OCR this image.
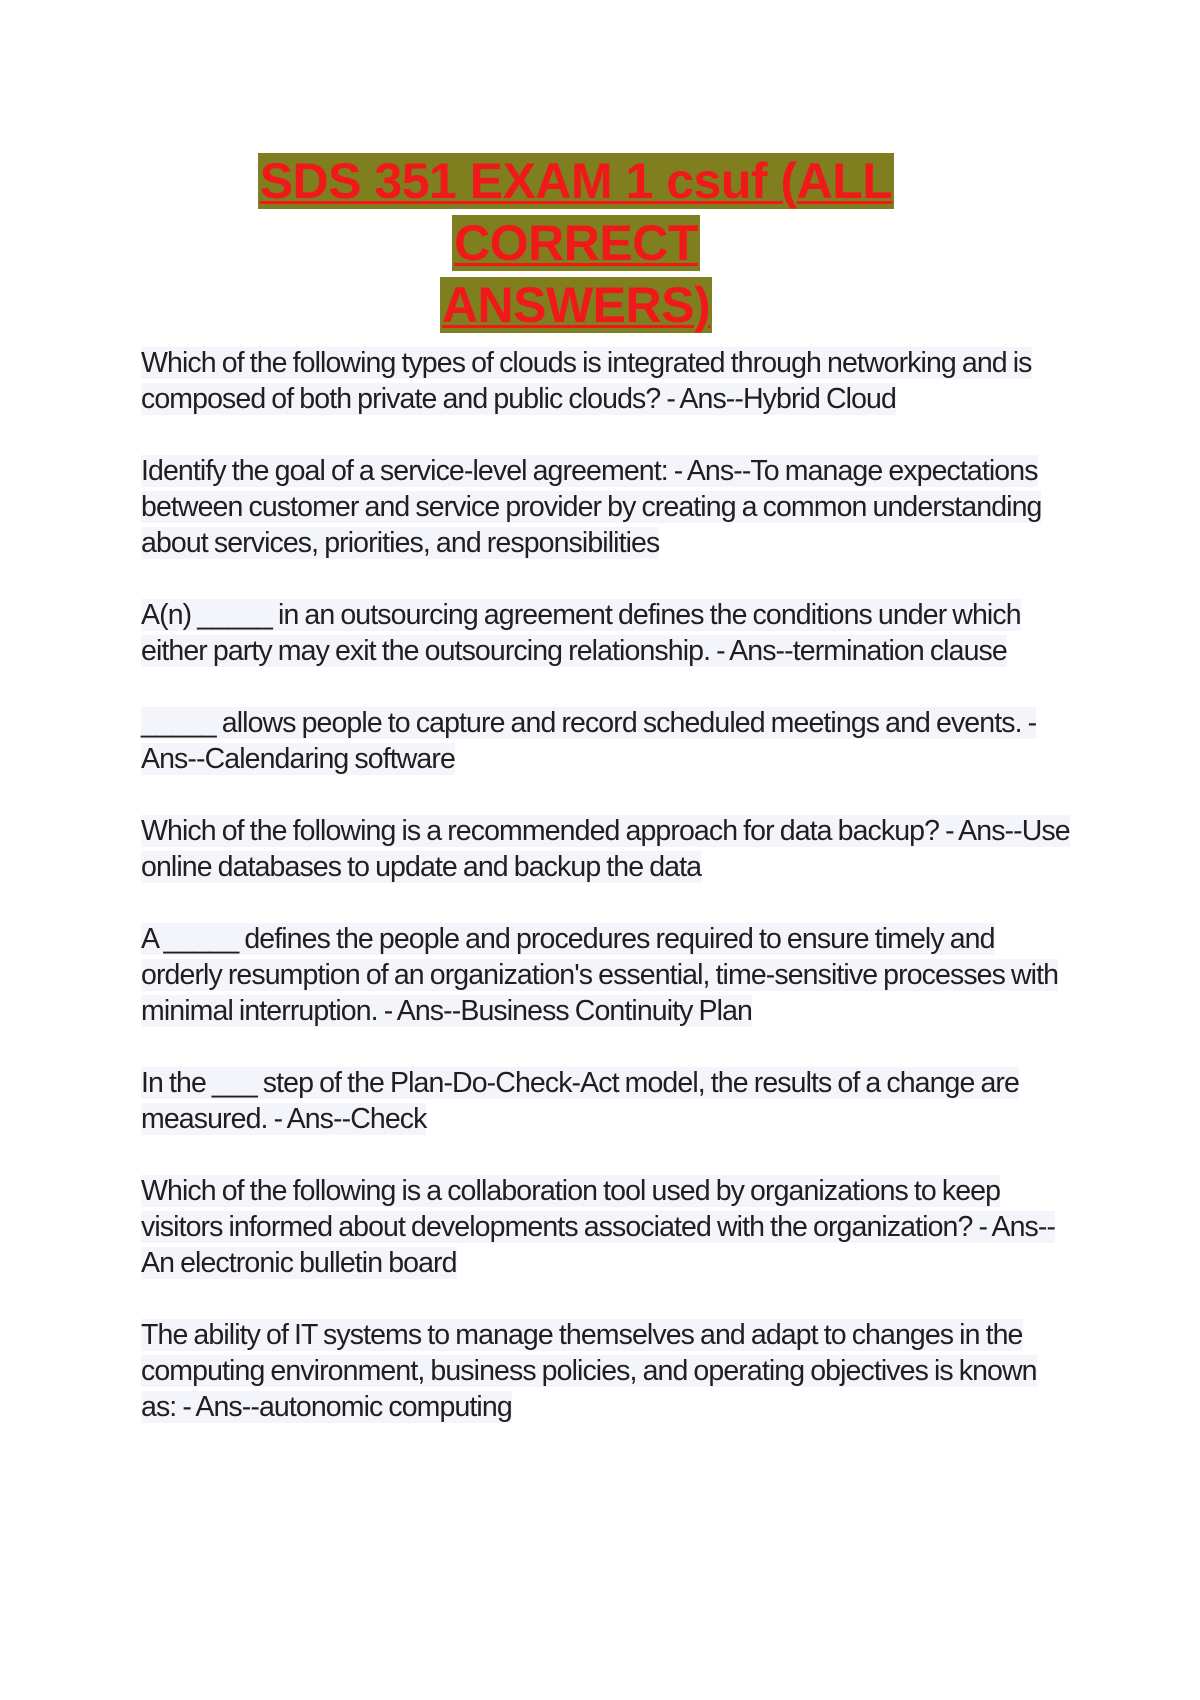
SDS 351 EXAM 1 csuf (ALL CORRECT
ANSWERS)

Which of the following types of clouds is integrated through networking and is composed of both private and public clouds? - Ans--Hybrid Cloud

Identify the goal of a service-level agreement: - Ans--To manage expectations between customer and service provider by creating a common understanding about services, priorities, and responsibilities

A(n) _____ in an outsourcing agreement defines the conditions under which either party may exit the outsourcing relationship. - Ans--termination clause

_____ allows people to capture and record scheduled meetings and events. - Ans--Calendaring software

Which of the following is a recommended approach for data backup? - Ans--Use online databases to update and backup the data

A _____ defines the people and procedures required to ensure timely and orderly resumption of an organization's essential, time-sensitive processes with minimal interruption. - Ans--Business Continuity Plan

In the ___ step of the Plan-Do-Check-Act model, the results of a change are measured. - Ans--Check

Which of the following is a collaboration tool used by organizations to keep visitors informed about developments associated with the organization? - Ans--An electronic bulletin board

The ability of IT systems to manage themselves and adapt to changes in the computing environment, business policies, and operating objectives is known as: - Ans--autonomic computing
